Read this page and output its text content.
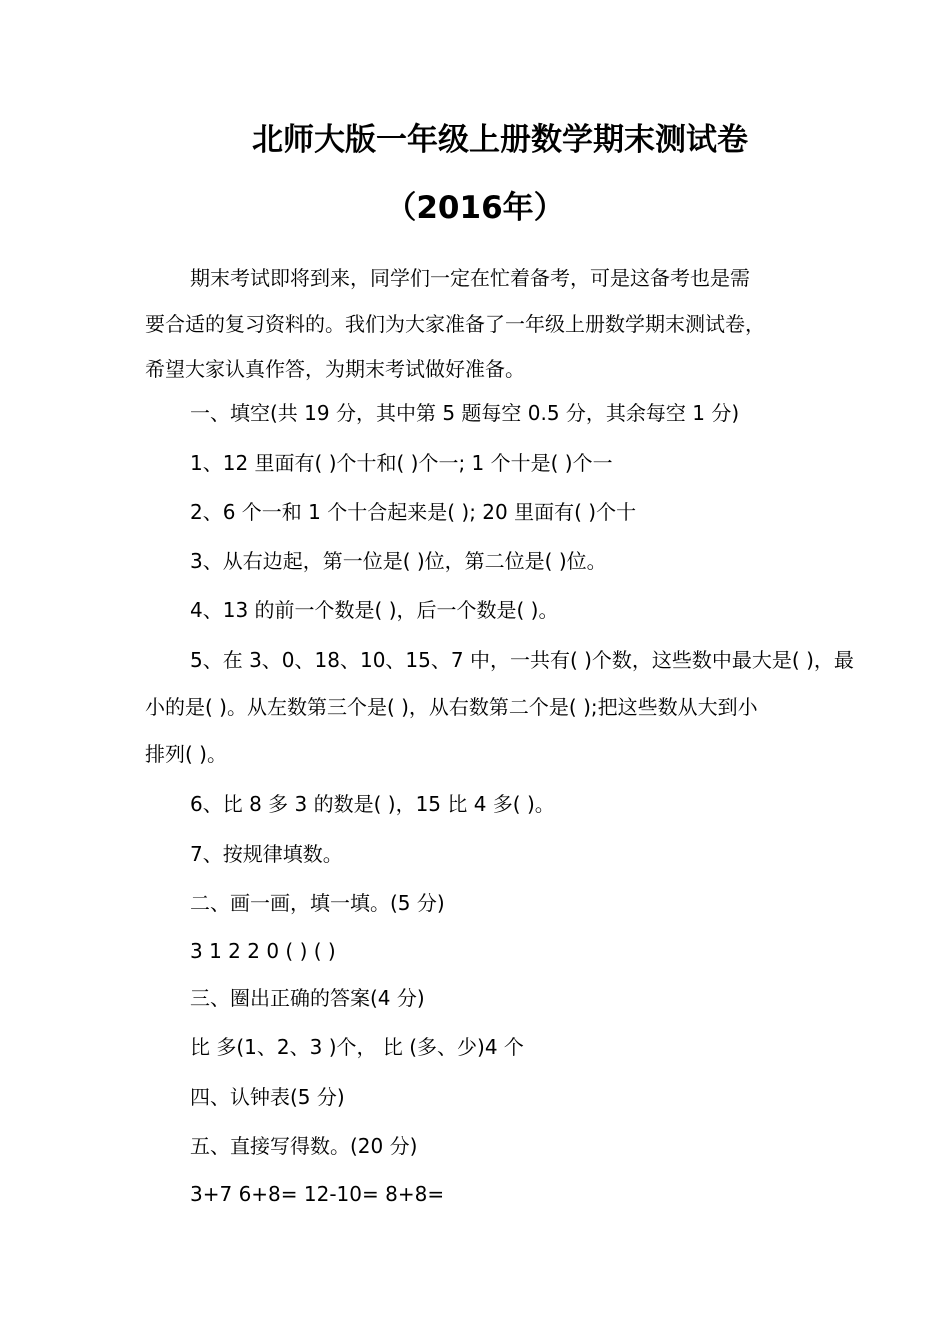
北师大版一年级上册数学期末测试卷
（2016年）
期末考试即将到来，同学们一定在忙着备考，可是这备考也是需
要合适的复习资料的。我们为大家准备了一年级上册数学期末测试卷，
希望大家认真作答，为期末考试做好准备。
一、填空(共 19 分，其中第 5 题每空 0.5 分，其余每空 1 分)
1、12 里面有( )个十和( )个一; 1 个十是( )个一
2、6 个一和 1 个十合起来是( ); 20 里面有( )个十
3、从右边起，第一位是( )位，第二位是( )位。
4、13 的前一个数是( )，后一个数是( )。
5、在 3、0、18、10、15、7 中，一共有( )个数，这些数中最大是( )，最
小的是( )。从左数第三个是( )，从右数第二个是( );把这些数从大到小
排列( )。
6、比 8 多 3 的数是( )，15 比 4 多( )。
7、按规律填数。
二、画一画，填一填。(5 分)
3 1 2 2 0 ( ) ( )
三、圈出正确的答案(4 分)
比 多(1、2、3 )个， 比 (多、少)4 个
四、认钟表(5 分)
五、直接写得数。(20 分)
3+7 6+8= 12-10= 8+8=
